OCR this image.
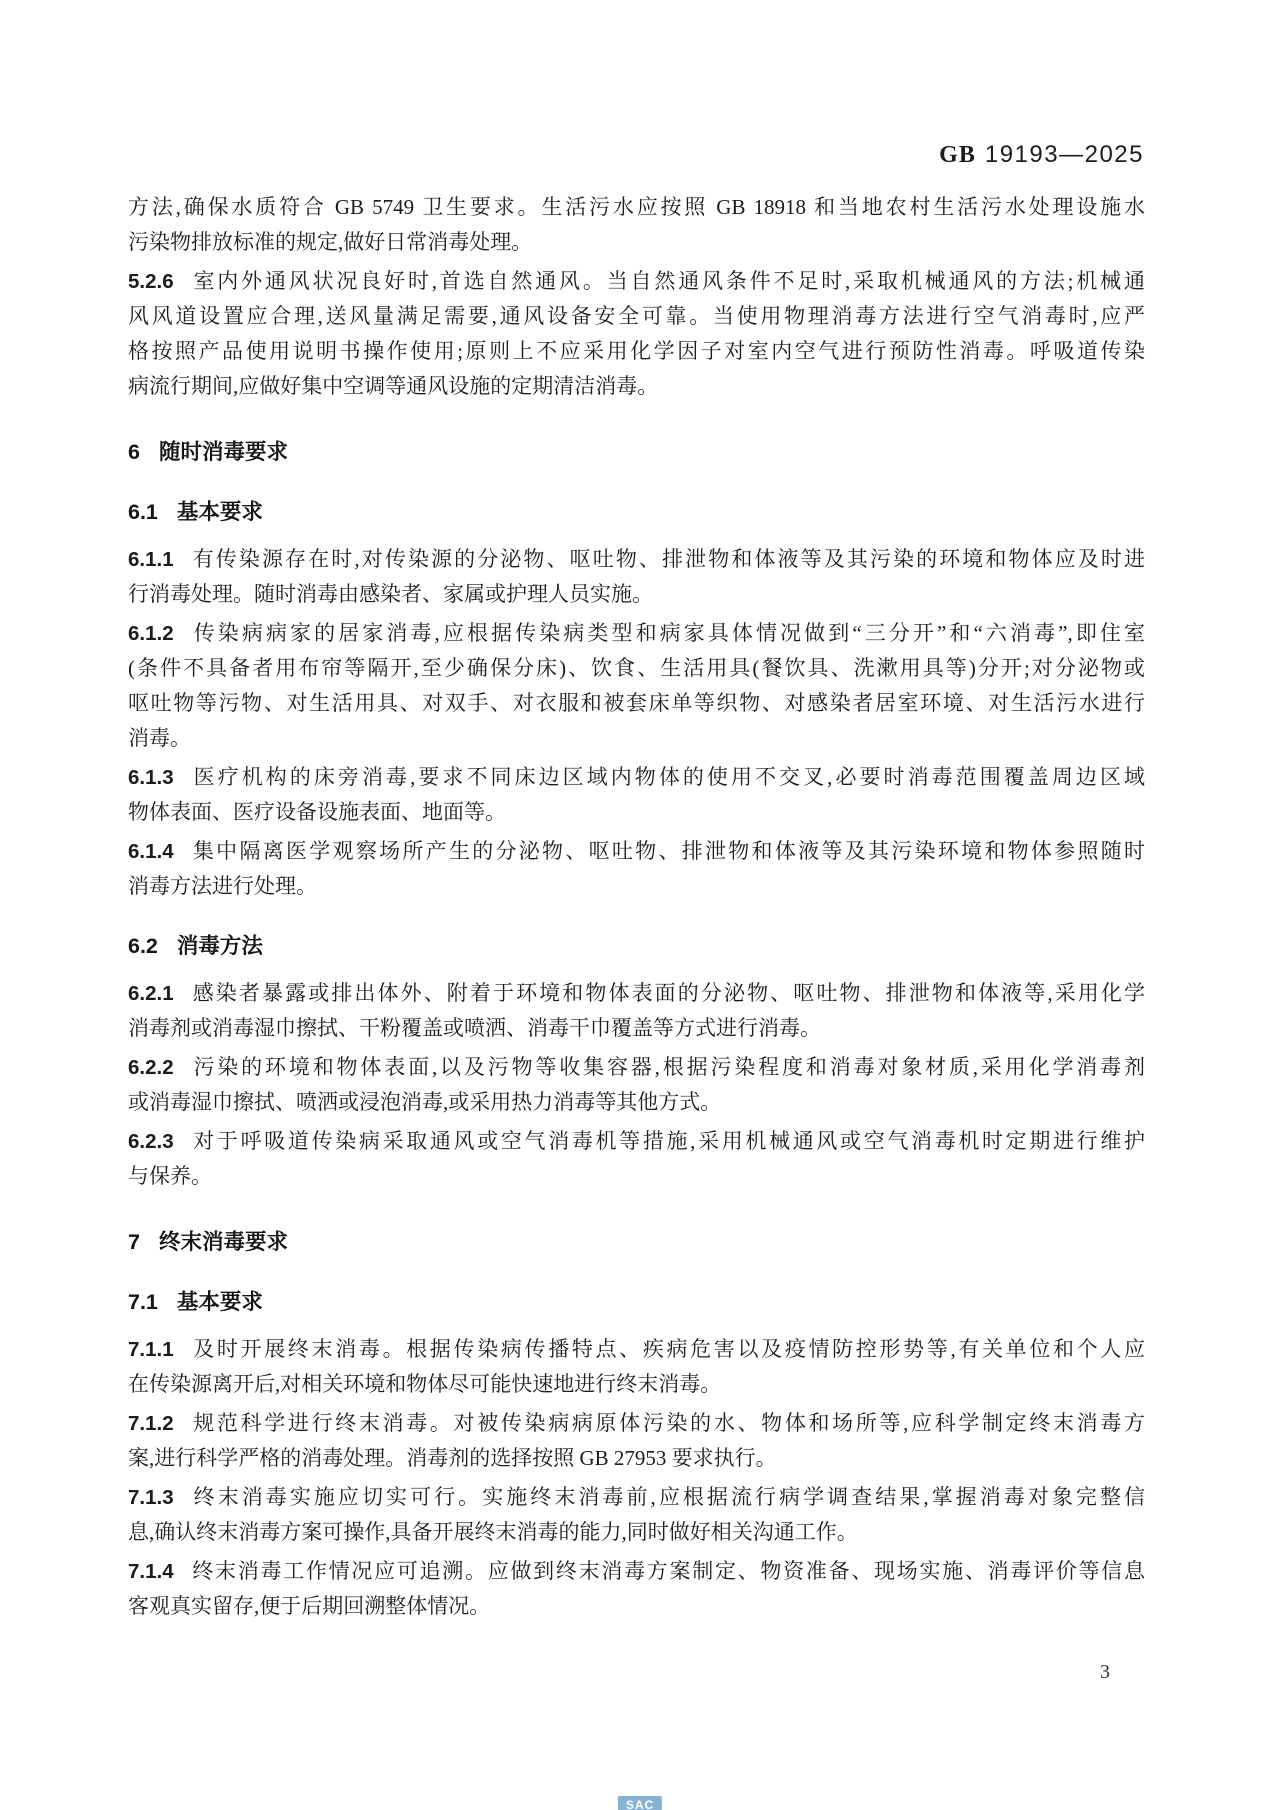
GB 19193—2025
方法,确保水质符合 GB 5749 卫生要求。生活污水应按照 GB 18918 和当地农村生活污水处理设施水
污染物排放标准的规定,做好日常消毒处理。
5.2.6 室内外通风状况良好时,首选自然通风。当自然通风条件不足时,采取机械通风的方法;机械通
风风道设置应合理,送风量满足需要,通风设备安全可靠。当使用物理消毒方法进行空气消毒时,应严
格按照产品使用说明书操作使用;原则上不应采用化学因子对室内空气进行预防性消毒。呼吸道传染
病流行期间,应做好集中空调等通风设施的定期清洁消毒。
6 随时消毒要求
6.1 基本要求
6.1.1 有传染源存在时,对传染源的分泌物、呕吐物、排泄物和体液等及其污染的环境和物体应及时进
行消毒处理。随时消毒由感染者、家属或护理人员实施。
6.1.2 传染病病家的居家消毒,应根据传染病类型和病家具体情况做到“三分开”和“六消毒”,即住室
(条件不具备者用布帘等隔开,至少确保分床)、饮食、生活用具(餐饮具、洗漱用具等)分开;对分泌物或
呕吐物等污物、对生活用具、对双手、对衣服和被套床单等织物、对感染者居室环境、对生活污水进行
消毒。
6.1.3 医疗机构的床旁消毒,要求不同床边区域内物体的使用不交叉,必要时消毒范围覆盖周边区域
物体表面、医疗设备设施表面、地面等。
6.1.4 集中隔离医学观察场所产生的分泌物、呕吐物、排泄物和体液等及其污染环境和物体参照随时
消毒方法进行处理。
6.2 消毒方法
6.2.1 感染者暴露或排出体外、附着于环境和物体表面的分泌物、呕吐物、排泄物和体液等,采用化学
消毒剂或消毒湿巾擦拭、干粉覆盖或喷洒、消毒干巾覆盖等方式进行消毒。
6.2.2 污染的环境和物体表面,以及污物等收集容器,根据污染程度和消毒对象材质,采用化学消毒剂
或消毒湿巾擦拭、喷洒或浸泡消毒,或采用热力消毒等其他方式。
6.2.3 对于呼吸道传染病采取通风或空气消毒机等措施,采用机械通风或空气消毒机时定期进行维护
与保养。
7 终末消毒要求
7.1 基本要求
7.1.1 及时开展终末消毒。根据传染病传播特点、疾病危害以及疫情防控形势等,有关单位和个人应
在传染源离开后,对相关环境和物体尽可能快速地进行终末消毒。
7.1.2 规范科学进行终末消毒。对被传染病病原体污染的水、物体和场所等,应科学制定终末消毒方
案,进行科学严格的消毒处理。消毒剂的选择按照 GB 27953 要求执行。
7.1.3 终末消毒实施应切实可行。实施终末消毒前,应根据流行病学调查结果,掌握消毒对象完整信
息,确认终末消毒方案可操作,具备开展终末消毒的能力,同时做好相关沟通工作。
7.1.4 终末消毒工作情况应可追溯。应做到终末消毒方案制定、物资准备、现场实施、消毒评价等信息
客观真实留存,便于后期回溯整体情况。
3
SAC
